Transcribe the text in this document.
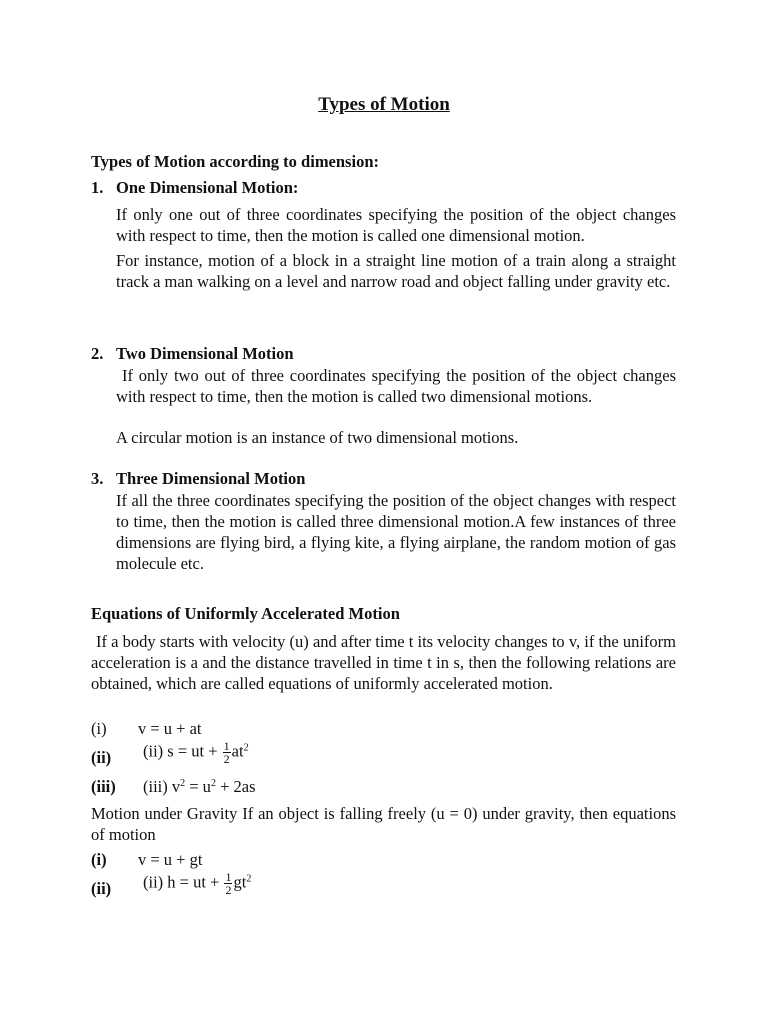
Types of Motion
Types of Motion according to dimension:
1. One Dimensional Motion:
If only one out of three coordinates specifying the position of the object changes with respect to time, then the motion is called one dimensional motion.
For instance, motion of a block in a straight line motion of a train along a straight track a man walking on a level and narrow road and object falling under gravity etc.
2. Two Dimensional Motion
If only two out of three coordinates specifying the position of the object changes with respect to time, then the motion is called two dimensional motions.
A circular motion is an instance of two dimensional motions.
3. Three Dimensional Motion
If all the three coordinates specifying the position of the object changes with respect to time, then the motion is called three dimensional motion.A few instances of three dimensions are flying bird, a flying kite, a flying airplane, the random motion of gas molecule etc.
Equations of Uniformly Accelerated Motion
If a body starts with velocity (u) and after time t its velocity changes to v, if the uniform acceleration is a and the distance travelled in time t in s, then the following relations are obtained, which are called equations of uniformly accelerated motion.
(i) v = u + at
(ii) (ii) s = ut + $\frac{1}{2} at^2$
(iii) (iii) $v^2 = u^2 + 2as$
Motion under Gravity If an object is falling freely (u = 0) under gravity, then equations of motion
(i) v = u + gt
(ii) (ii) h = ut + $\frac{1}{2} gt^2$
